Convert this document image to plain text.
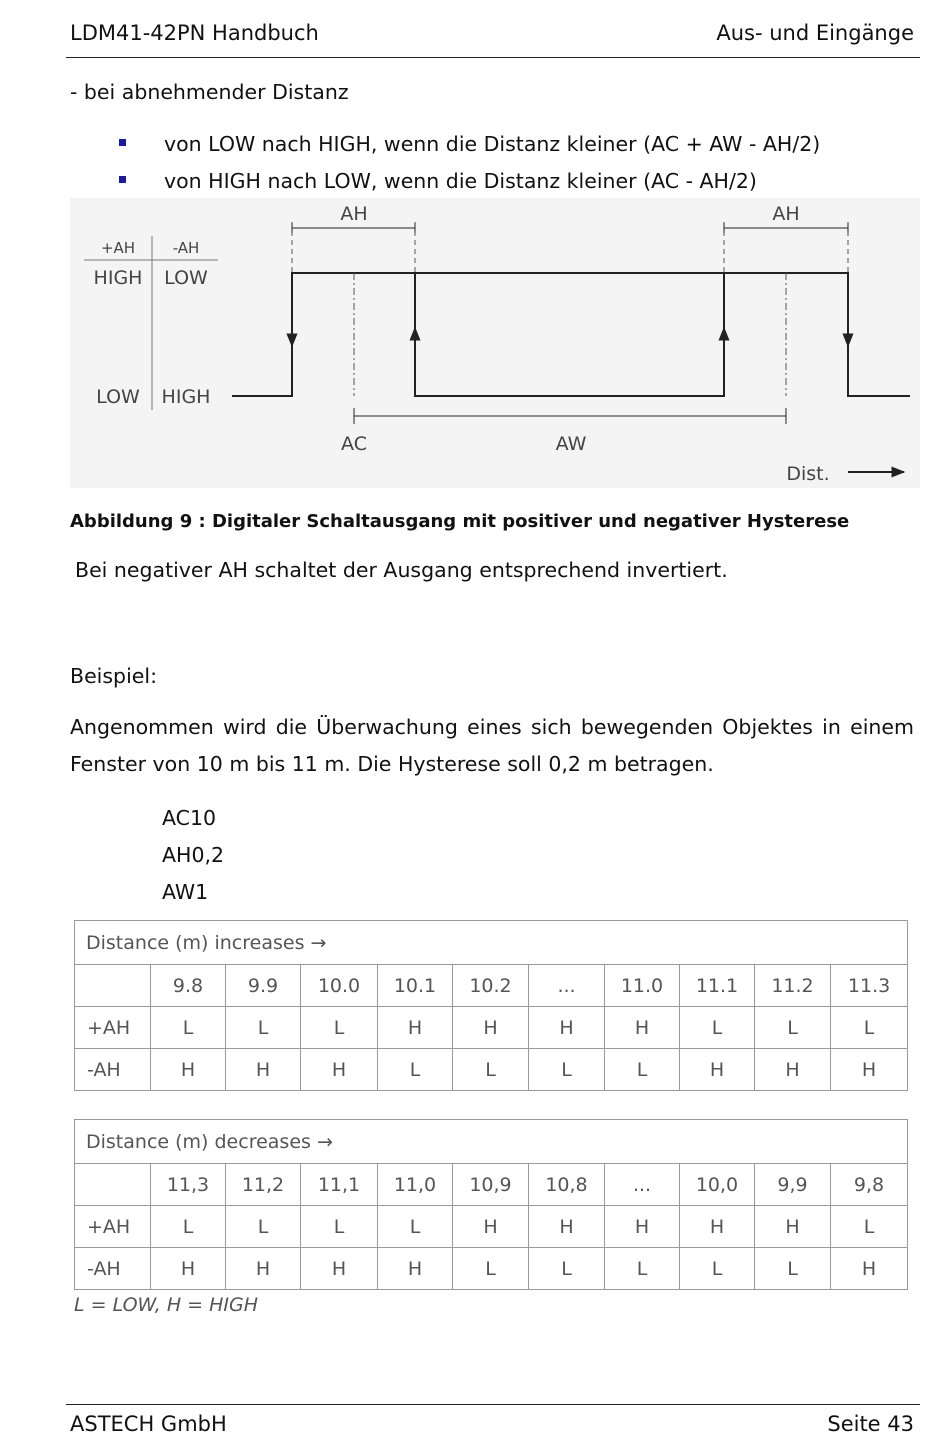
LDM41-42PN Handbuch	Aus- und Eingänge
- bei abnehmender Distanz
von LOW nach HIGH, wenn die Distanz kleiner (AC + AW - AH/2)
von HIGH nach LOW, wenn die Distanz kleiner (AC - AH/2)
+AH	-AH
HIGH LOW
LOW HIGH
AH	AH
AC	AW
Dist.
Abbildung 9 : Digitaler Schaltausgang mit positiver und negativer Hysterese
Bei negativer AH schaltet der Ausgang entsprechend invertiert.
Beispiel:
Angenommen wird die Überwachung eines sich bewegenden Objektes in einem Fenster von 10 m bis 11 m. Die Hysterese soll 0,2 m betragen.
AC10
AH0,2
AW1
Distance (m) increases →										
	9.8	9.9	10.0	10.1	10.2	...	11.0	11.1	11.2	11.3
+AH	L	L	L	H	H	H	H	L	L	L
-AH	H	H	H	L	L	L	L	H	H	H
Distance (m) decreases →										
	11,3	11,2	11,1	11,0	10,9	10,8	...	10,0	9,9	9,8
+AH	L	L	L	L	H	H	H	H	H	L
-AH	H	H	H	H	L	L	L	L	L	H
L = LOW, H = HIGH
ASTECH GmbH	Seite 43
